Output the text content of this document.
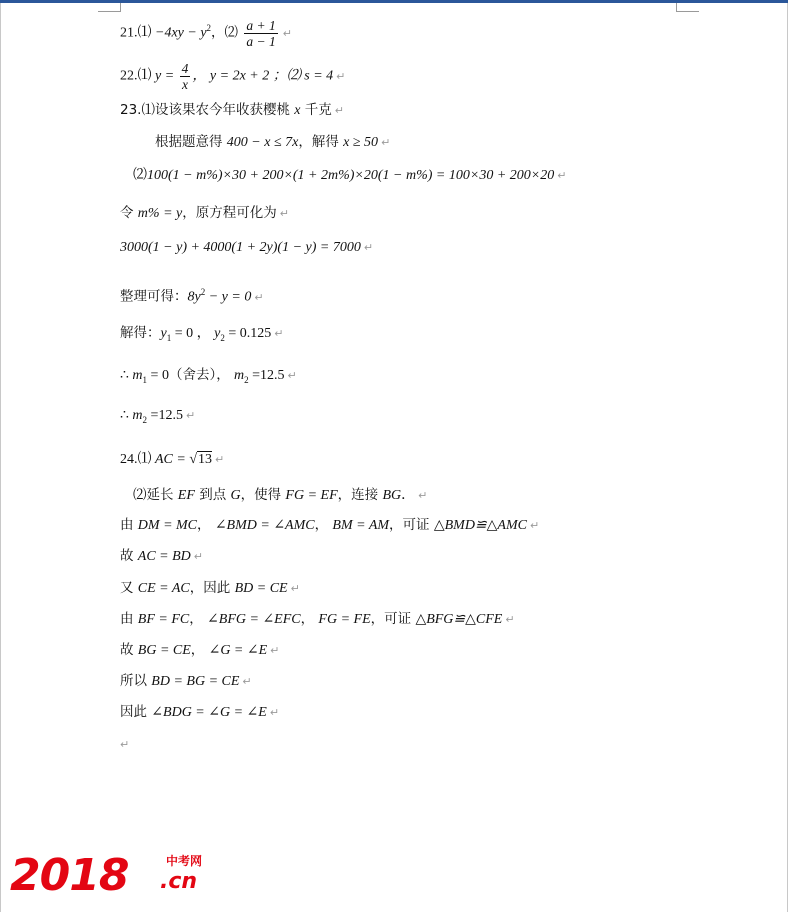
21.⑴ $-4xy - y^2$，⑵ $\frac{a + 1}{a - 1}$ ↵
22.⑴ $y = \frac{4}{x}$ ， y = 2x + 2 ；⑵ s = 4 ↵
23.⑴设该果农今年收获樱桃 x 千克 ↵
根据题意得 400 − x ≤ 7x，解得 x ≥ 50 ↵
⑵100(1 − m%)×30 + 200×(1 + 2m%)×20(1 − m%) = 100×30 + 200×20 ↵
令 m% = y，原方程可化为 ↵
3000(1 − y) + 4000(1 + 2y)(1 − y) = 7000 ↵
整理可得：$8y^2 - y = 0$ ↵
解得：$y_1 = 0$ ， $y_2 = 0.125$ ↵
∴ $m_1 = 0$（舍去）， $m_2 =12.5$ ↵
∴ $m_2 =12.5$ ↵
24.⑴ AC = √13 ↵
⑵延长 EF 到点 G，使得 FG = EF，连接 BG． ↵
由 DM = MC， ∠BMD = ∠AMC， BM = AM，可证 △BMD≌△AMC ↵
故 AC = BD ↵
又 CE = AC，因此 BD = CE ↵
由 BF = FC， ∠BFG = ∠EFC， FG = FE，可证 △BFG≌△CFE ↵
故 BG = CE， ∠G = ∠E ↵
所以 BD = BG = CE ↵
因此 ∠BDG = ∠G = ∠E ↵
↵
2018	中考网
.cn
